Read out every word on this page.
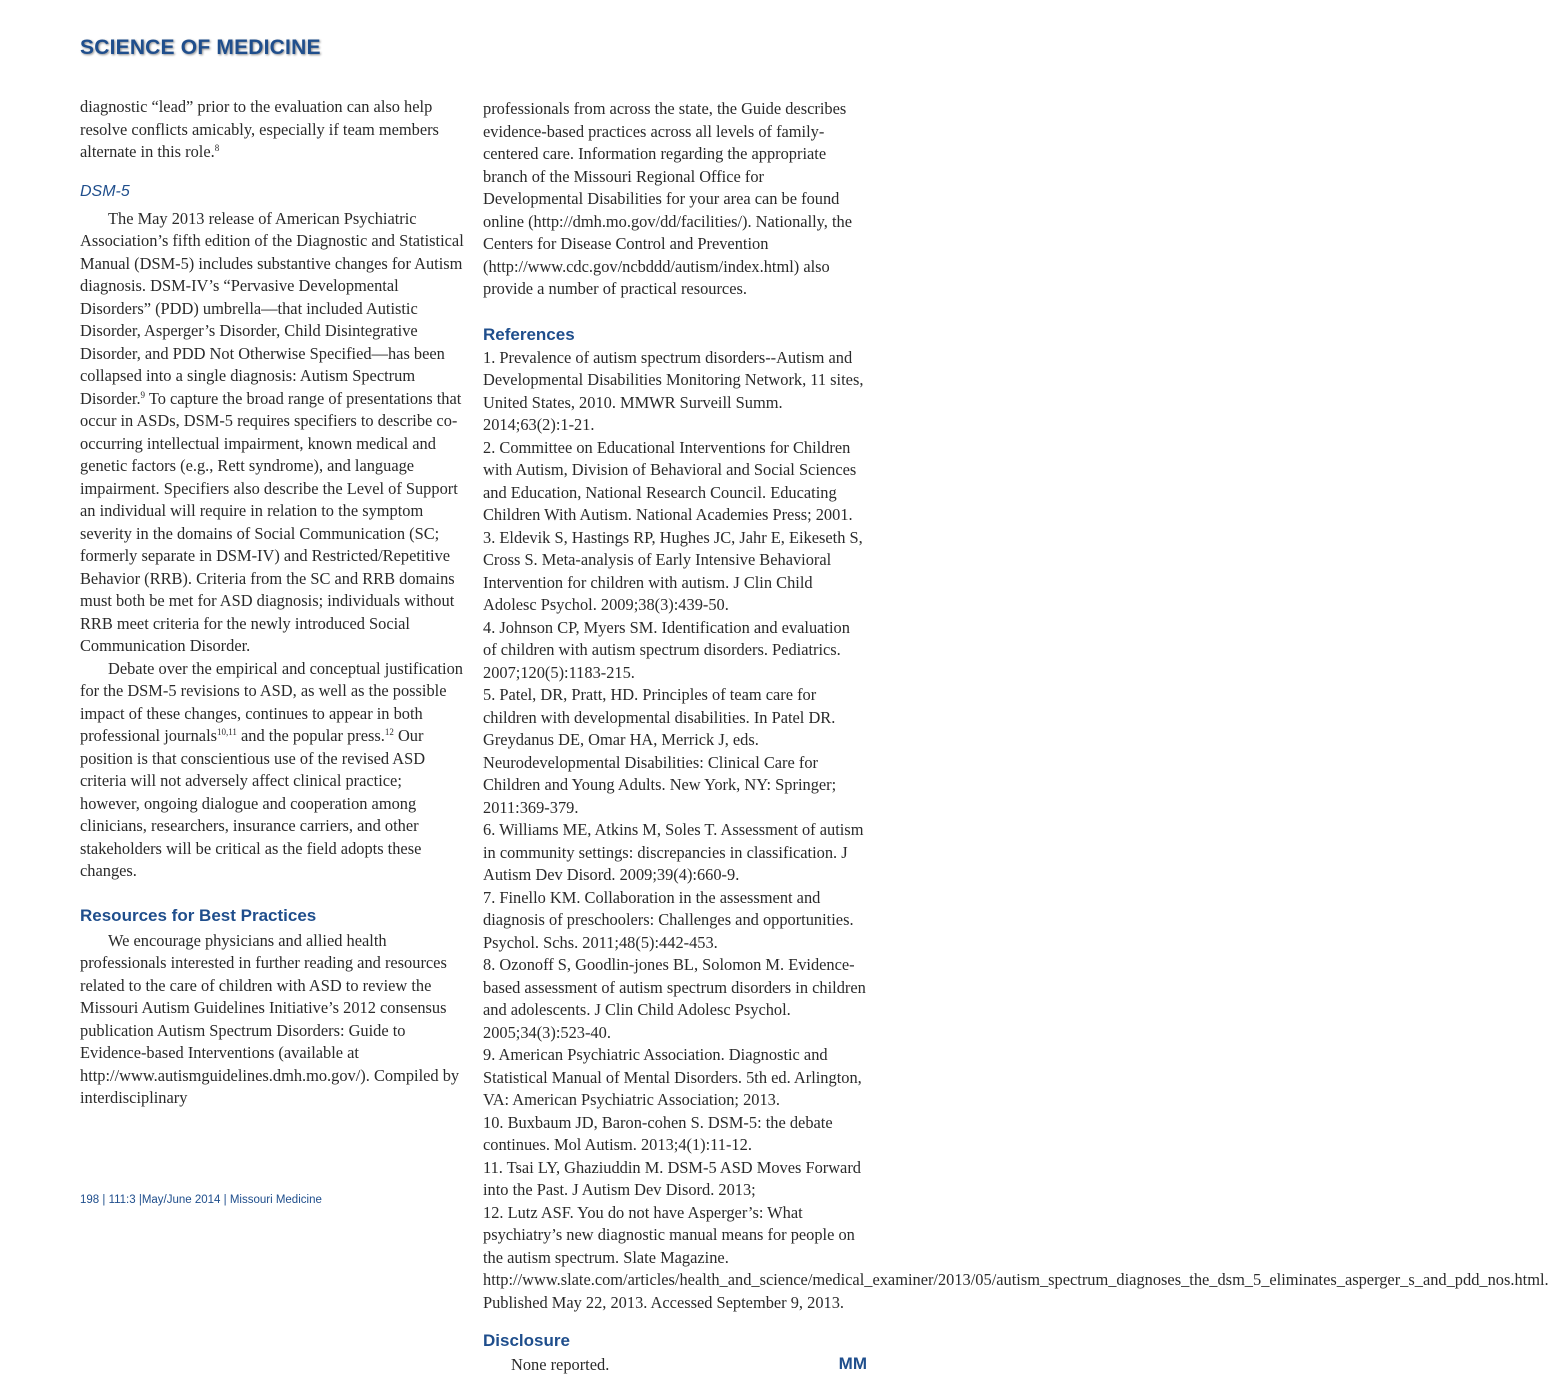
SCIENCE OF MEDICINE

diagnostic “lead” prior to the evaluation can also help resolve conflicts amicably, especially if team members alternate in this role.$^8$

DSM-5

The May 2013 release of American Psychiatric Association’s fifth edition of the Diagnostic and Statistical Manual (DSM-5) includes substantive changes for Autism diagnosis. DSM-IV’s “Pervasive Developmental Disorders” (PDD) umbrella—that included Autistic Disorder, Asperger’s Disorder, Child Disintegrative Disorder, and PDD Not Otherwise Specified—has been collapsed into a single diagnosis: Autism Spectrum Disorder.$^9$ To capture the broad range of presentations that occur in ASDs, DSM-5 requires specifiers to describe co-occurring intellectual impairment, known medical and genetic factors (e.g., Rett syndrome), and language impairment. Specifiers also describe the Level of Support an individual will require in relation to the symptom severity in the domains of Social Communication (SC; formerly separate in DSM-IV) and Restricted/Repetitive Behavior (RRB). Criteria from the SC and RRB domains must both be met for ASD diagnosis; individuals without RRB meet criteria for the newly introduced Social Communication Disorder.

Debate over the empirical and conceptual justification for the DSM-5 revisions to ASD, as well as the possible impact of these changes, continues to appear in both professional journals$^{10,11}$ and the popular press.$^{12}$ Our position is that conscientious use of the revised ASD criteria will not adversely affect clinical practice; however, ongoing dialogue and cooperation among clinicians, researchers, insurance carriers, and other stakeholders will be critical as the field adopts these changes.

Resources for Best Practices

We encourage physicians and allied health professionals interested in further reading and resources related to the care of children with ASD to review the Missouri Autism Guidelines Initiative’s 2012 consensus publication Autism Spectrum Disorders: Guide to Evidence-based Interventions (available at http://www.autismguidelines.dmh.mo.gov/). Compiled by interdisciplinary

professionals from across the state, the Guide describes evidence-based practices across all levels of family-centered care. Information regarding the appropriate branch of the Missouri Regional Office for Developmental Disabilities for your area can be found online (http://dmh.mo.gov/dd/facilities/). Nationally, the Centers for Disease Control and Prevention (http://www.cdc.gov/ncbddd/autism/index.html) also provide a number of practical resources.

References

1. Prevalence of autism spectrum disorders--Autism and Developmental Disabilities Monitoring Network, 11 sites, United States, 2010. MMWR Surveill Summ. 2014;63(2):1-21.

2. Committee on Educational Interventions for Children with Autism, Division of Behavioral and Social Sciences and Education, National Research Council. Educating Children With Autism. National Academies Press; 2001.

3. Eldevik S, Hastings RP, Hughes JC, Jahr E, Eikeseth S, Cross S. Meta-analysis of Early Intensive Behavioral Intervention for children with autism. J Clin Child Adolesc Psychol. 2009;38(3):439-50.

4. Johnson CP, Myers SM. Identification and evaluation of children with autism spectrum disorders. Pediatrics. 2007;120(5):1183-215.

5. Patel, DR, Pratt, HD. Principles of team care for children with developmental disabilities. In Patel DR. Greydanus DE, Omar HA, Merrick J, eds. Neurodevelopmental Disabilities: Clinical Care for Children and Young Adults. New York, NY: Springer; 2011:369-379.

6. Williams ME, Atkins M, Soles T. Assessment of autism in community settings: discrepancies in classification. J Autism Dev Disord. 2009;39(4):660-9.

7. Finello KM. Collaboration in the assessment and diagnosis of preschoolers: Challenges and opportunities. Psychol. Schs. 2011;48(5):442-453.

8. Ozonoff S, Goodlin-jones BL, Solomon M. Evidence-based assessment of autism spectrum disorders in children and adolescents. J Clin Child Adolesc Psychol. 2005;34(3):523-40.

9. American Psychiatric Association. Diagnostic and Statistical Manual of Mental Disorders. 5th ed. Arlington, VA: American Psychiatric Association; 2013.

10. Buxbaum JD, Baron-cohen S. DSM-5: the debate continues. Mol Autism. 2013;4(1):11-12.

11. Tsai LY, Ghaziuddin M. DSM-5 ASD Moves Forward into the Past. J Autism Dev Disord. 2013;

12. Lutz ASF. You do not have Asperger’s: What psychiatry’s new diagnostic manual means for people on the autism spectrum. Slate Magazine. http://www.slate.com/articles/health_and_science/medical_examiner/2013/05/autism_spectrum_diagnoses_the_dsm_5_eliminates_asperger_s_and_pdd_nos.html. Published May 22, 2013. Accessed September 9, 2013.

Disclosure

None reported.	MM
198 | 111:3 |May/June 2014 | Missouri Medicine
